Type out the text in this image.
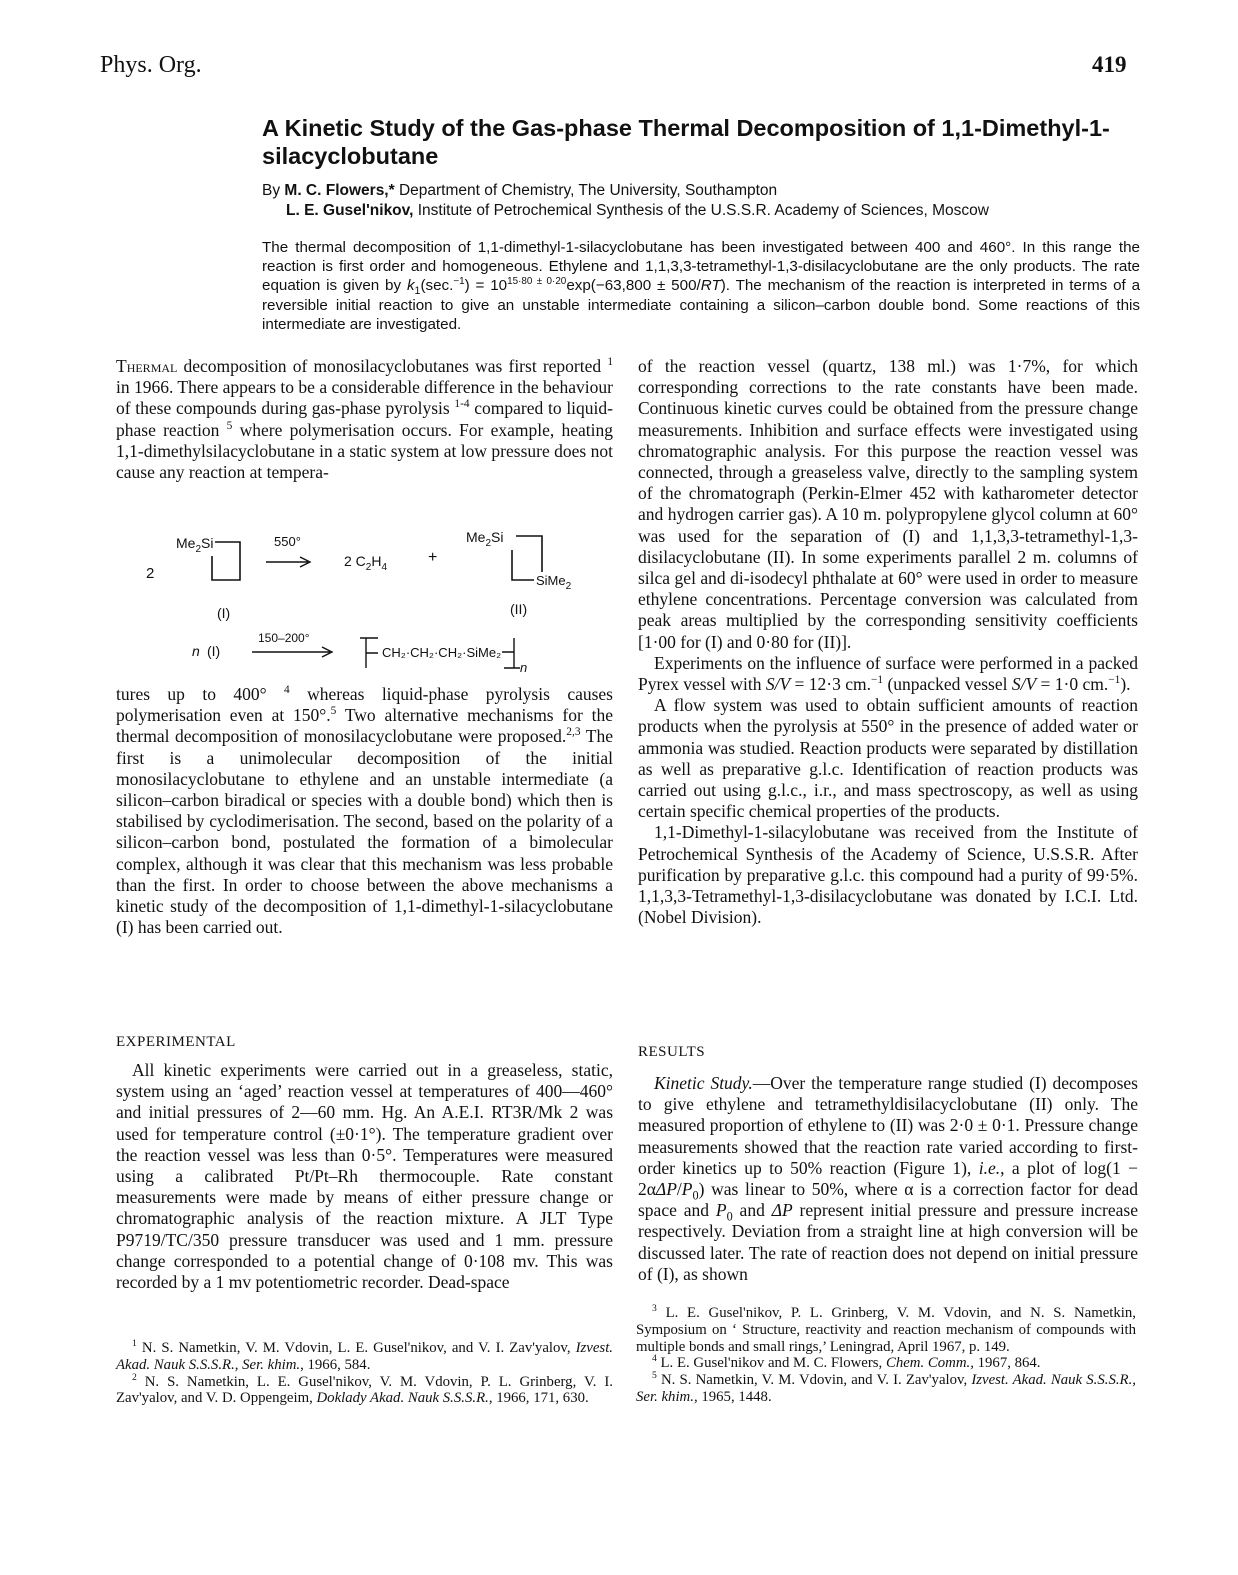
Phys. Org.	419
A Kinetic Study of the Gas-phase Thermal Decomposition of 1,1-Dimethyl-1-silacyclobutane
By M. C. Flowers,* Department of Chemistry, The University, Southampton
L. E. Gusel'nikov, Institute of Petrochemical Synthesis of the U.S.S.R. Academy of Sciences, Moscow
The thermal decomposition of 1,1-dimethyl-1-silacyclobutane has been investigated between 400 and 460°. In this range the reaction is first order and homogeneous. Ethylene and 1,1,3,3-tetramethyl-1,3-disilacyclobutane are the only products. The rate equation is given by $k_1(\sec.^{-1}) = 10^{15\cdot 80 \pm 0\cdot 20}\exp(-63,800 \pm 500/RT)$. The mechanism of the reaction is interpreted in terms of a reversible initial reaction to give an unstable intermediate containing a silicon–carbon double bond. Some reactions of this intermediate are investigated.

Thermal decomposition of monosilacyclobutanes was first reported $^1$ in 1966. There appears to be a considerable difference in the behaviour of these compounds during gas-phase pyrolysis $^{1-4}$ compared to liquid-phase reaction $^5$ where polymerisation occurs. For example, heating 1,1-dimethylsilacyclobutane in a static system at low pressure does not cause any reaction at tempera-

2
$Me_2Si$
(I)
550°
2 $C_2H_4$
+
$Me_2Si$
SiMe$_2$
(II)
n (I)
150–200°
CH₂·CH₂·CH₂·SiMe₂
n

tures up to 400° $^4$ whereas liquid-phase pyrolysis causes polymerisation even at 150°.$^5$ Two alternative mechanisms for the thermal decomposition of monosilacyclobutane were proposed.$^{2,3}$ The first is a unimolecular decomposition of the initial monosilacyclobutane to ethylene and an unstable intermediate (a silicon–carbon biradical or species with a double bond) which then is stabilised by cyclodimerisation. The second, based on the polarity of a silicon–carbon bond, postulated the formation of a bimolecular complex, although it was clear that this mechanism was less probable than the first. In order to choose between the above mechanisms a kinetic study of the decomposition of 1,1-dimethyl-1-silacyclobutane (I) has been carried out.

EXPERIMENTAL

All kinetic experiments were carried out in a greaseless, static, system using an ‘aged’ reaction vessel at temperatures of 400—460° and initial pressures of 2—60 mm. Hg. An A.E.I. RT3R/Mk 2 was used for temperature control (±0·1°). The temperature gradient over the reaction vessel was less than 0·5°. Temperatures were measured using a calibrated Pt/Pt–Rh thermocouple. Rate constant measurements were made by means of either pressure change or chromatographic analysis of the reaction mixture. A JLT Type P9719/TC/350 pressure transducer was used and 1 mm. pressure change corresponded to a potential change of 0·108 mv. This was recorded by a 1 mv potentiometric recorder. Dead-space

of the reaction vessel (quartz, 138 ml.) was 1·7%, for which corresponding corrections to the rate constants have been made. Continuous kinetic curves could be obtained from the pressure change measurements. Inhibition and surface effects were investigated using chromatographic analysis. For this purpose the reaction vessel was connected, through a greaseless valve, directly to the sampling system of the chromatograph (Perkin-Elmer 452 with katharometer detector and hydrogen carrier gas). A 10 m. polypropylene glycol column at 60° was used for the separation of (I) and 1,1,3,3-tetramethyl-1,3-disilacyclobutane (II). In some experiments parallel 2 m. columns of silca gel and di-isodecyl phthalate at 60° were used in order to measure ethylene concentrations. Percentage conversion was calculated from peak areas multiplied by the corresponding sensitivity coefficients [1·00 for (I) and 0·80 for (II)].

Experiments on the influence of surface were performed in a packed Pyrex vessel with S/V = 12·3 cm.$^{-1}$ (unpacked vessel S/V = 1·0 cm.$^{-1}$).

A flow system was used to obtain sufficient amounts of reaction products when the pyrolysis at 550° in the presence of added water or ammonia was studied. Reaction products were separated by distillation as well as preparative g.l.c. Identification of reaction products was carried out using g.l.c., i.r., and mass spectroscopy, as well as using certain specific chemical properties of the products.

1,1-Dimethyl-1-silacylobutane was received from the Institute of Petrochemical Synthesis of the Academy of Science, U.S.S.R. After purification by preparative g.l.c. this compound had a purity of 99·5%. 1,1,3,3-Tetramethyl-1,3-disilacyclobutane was donated by I.C.I. Ltd. (Nobel Division).

RESULTS

Kinetic Study.—Over the temperature range studied (I) decomposes to give ethylene and tetramethyldisilacyclobutane (II) only. The measured proportion of ethylene to (II) was 2·0 ± 0·1. Pressure change measurements showed that the reaction rate varied according to first-order kinetics up to 50% reaction (Figure 1), i.e., a plot of $\log(1 - 2\alpha\Delta P/P_0)$ was linear to 50%, where α is a correction factor for dead space and $P_0$ and ΔP represent initial pressure and pressure increase respectively. Deviation from a straight line at high conversion will be discussed later. The rate of reaction does not depend on initial pressure of (I), as shown

$^1$ N. S. Nametkin, V. M. Vdovin, L. E. Gusel'nikov, and V. I. Zav'yalov, Izvest. Akad. Nauk S.S.S.R., Ser. khim., 1966, 584.

$^2$ N. S. Nametkin, L. E. Gusel'nikov, V. M. Vdovin, P. L. Grinberg, V. I. Zav'yalov, and V. D. Oppengeim, Doklady Akad. Nauk S.S.S.R., 1966, 171, 630.

$^3$ L. E. Gusel'nikov, P. L. Grinberg, V. M. Vdovin, and N. S. Nametkin, Symposium on ‘ Structure, reactivity and reaction mechanism of compounds with multiple bonds and small rings,’ Leningrad, April 1967, p. 149.

$^4$ L. E. Gusel'nikov and M. C. Flowers, Chem. Comm., 1967, 864.

$^5$ N. S. Nametkin, V. M. Vdovin, and V. I. Zav'yalov, Izvest. Akad. Nauk S.S.S.R., Ser. khim., 1965, 1448.
